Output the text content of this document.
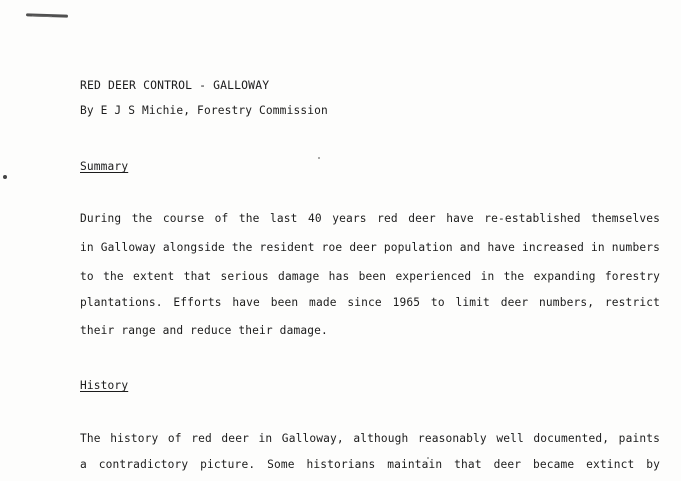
RED DEER CONTROL - GALLOWAY
By E J S Michie, Forestry Commission
Summary
During the course of the last 40 years red deer have re-established themselves
in Galloway alongside the resident roe deer population and have increased in numbers
to the extent that serious damage has been experienced in the expanding forestry
plantations. Efforts have been made since 1965 to limit deer numbers, restrict
their range and reduce their damage.
History
The history of red deer in Galloway, although reasonably well documented, paints
a contradictory picture. Some historians maintain that deer became extinct by
